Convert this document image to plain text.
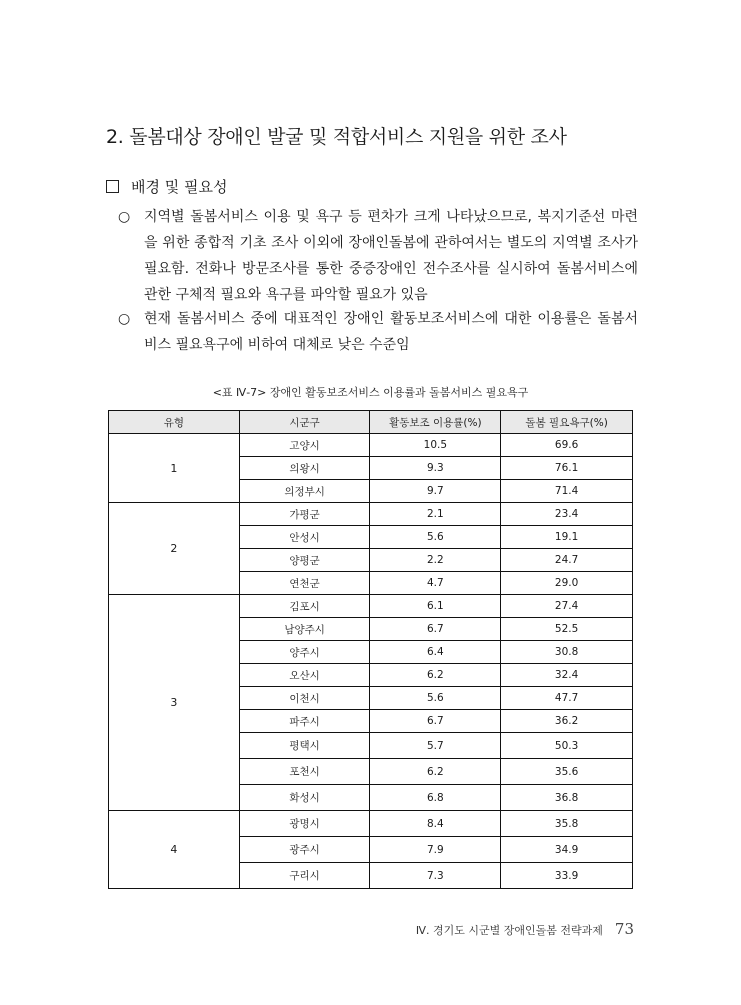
2. 돌봄대상 장애인 발굴 및 적합서비스 지원을 위한 조사
배경 및 필요성
○ 지역별 돌봄서비스 이용 및 욕구 등 편차가 크게 나타났으므로, 복지기준선 마련을 위한 종합적 기초 조사 이외에 장애인돌봄에 관하여서는 별도의 지역별 조사가 필요함. 전화나 방문조사를 통한 중증장애인 전수조사를 실시하여 돌봄서비스에 관한 구체적 필요와 욕구를 파악할 필요가 있음
○ 현재 돌봄서비스 중에 대표적인 장애인 활동보조서비스에 대한 이용률은 돌봄서비스 필요욕구에 비하여 대체로 낮은 수준임
<표 Ⅳ-7> 장애인 활동보조서비스 이용률과 돌봄서비스 필요욕구
유형	시군구	활동보조 이용률(%)	돌봄 필요욕구(%)
1	고양시	10.5	69.6
	의왕시	9.3	76.1
	의정부시	9.7	71.4
2	가평군	2.1	23.4
	안성시	5.6	19.1
	양평군	2.2	24.7
	연천군	4.7	29.0
3	김포시	6.1	27.4
	남양주시	6.7	52.5
	양주시	6.4	30.8
	오산시	6.2	32.4
	이천시	5.6	47.7
	파주시	6.7	36.2
	평택시	5.7	50.3
	포천시	6.2	35.6
	화성시	6.8	36.8
4	광명시	8.4	35.8
	광주시	7.9	34.9
	구리시	7.3	33.9
Ⅳ. 경기도 시군별 장애인돌봄 전략과제 73
